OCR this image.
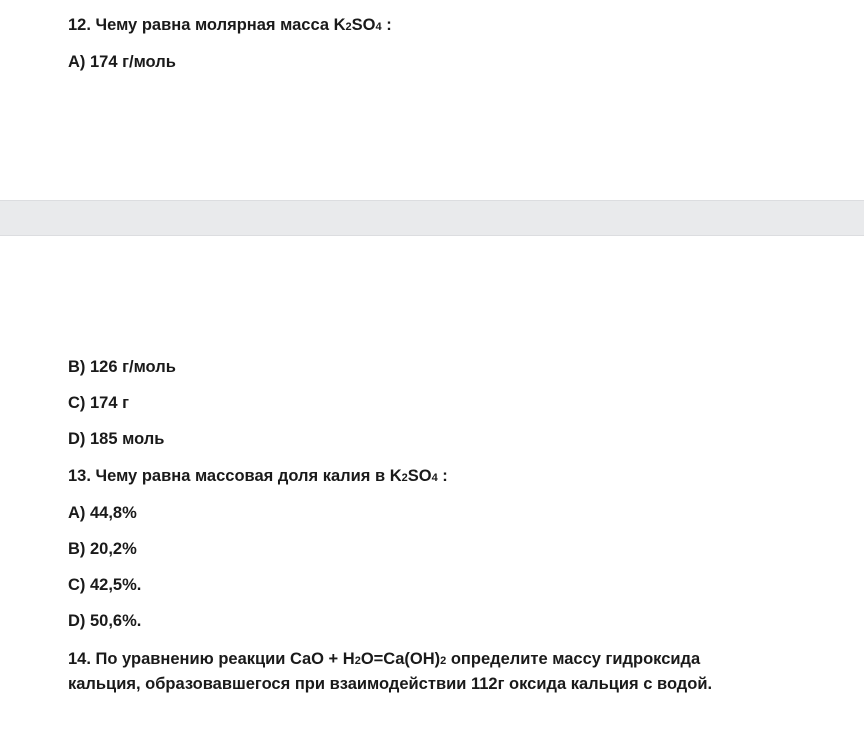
12. Чему равна молярная масса K2SO4 :
A) 174 г/моль
B) 126 г/моль
C) 174 г
D) 185 моль
13. Чему равна массовая доля калия в K2SO4 :
A) 44,8%
B) 20,2%
C) 42,5%.
D) 50,6%.
14. По уравнению реакции CaO + H2O=Ca(OH)2 определите массу гидроксида кальция, образовавшегося при взаимодействии 112г оксида кальция с водой.
